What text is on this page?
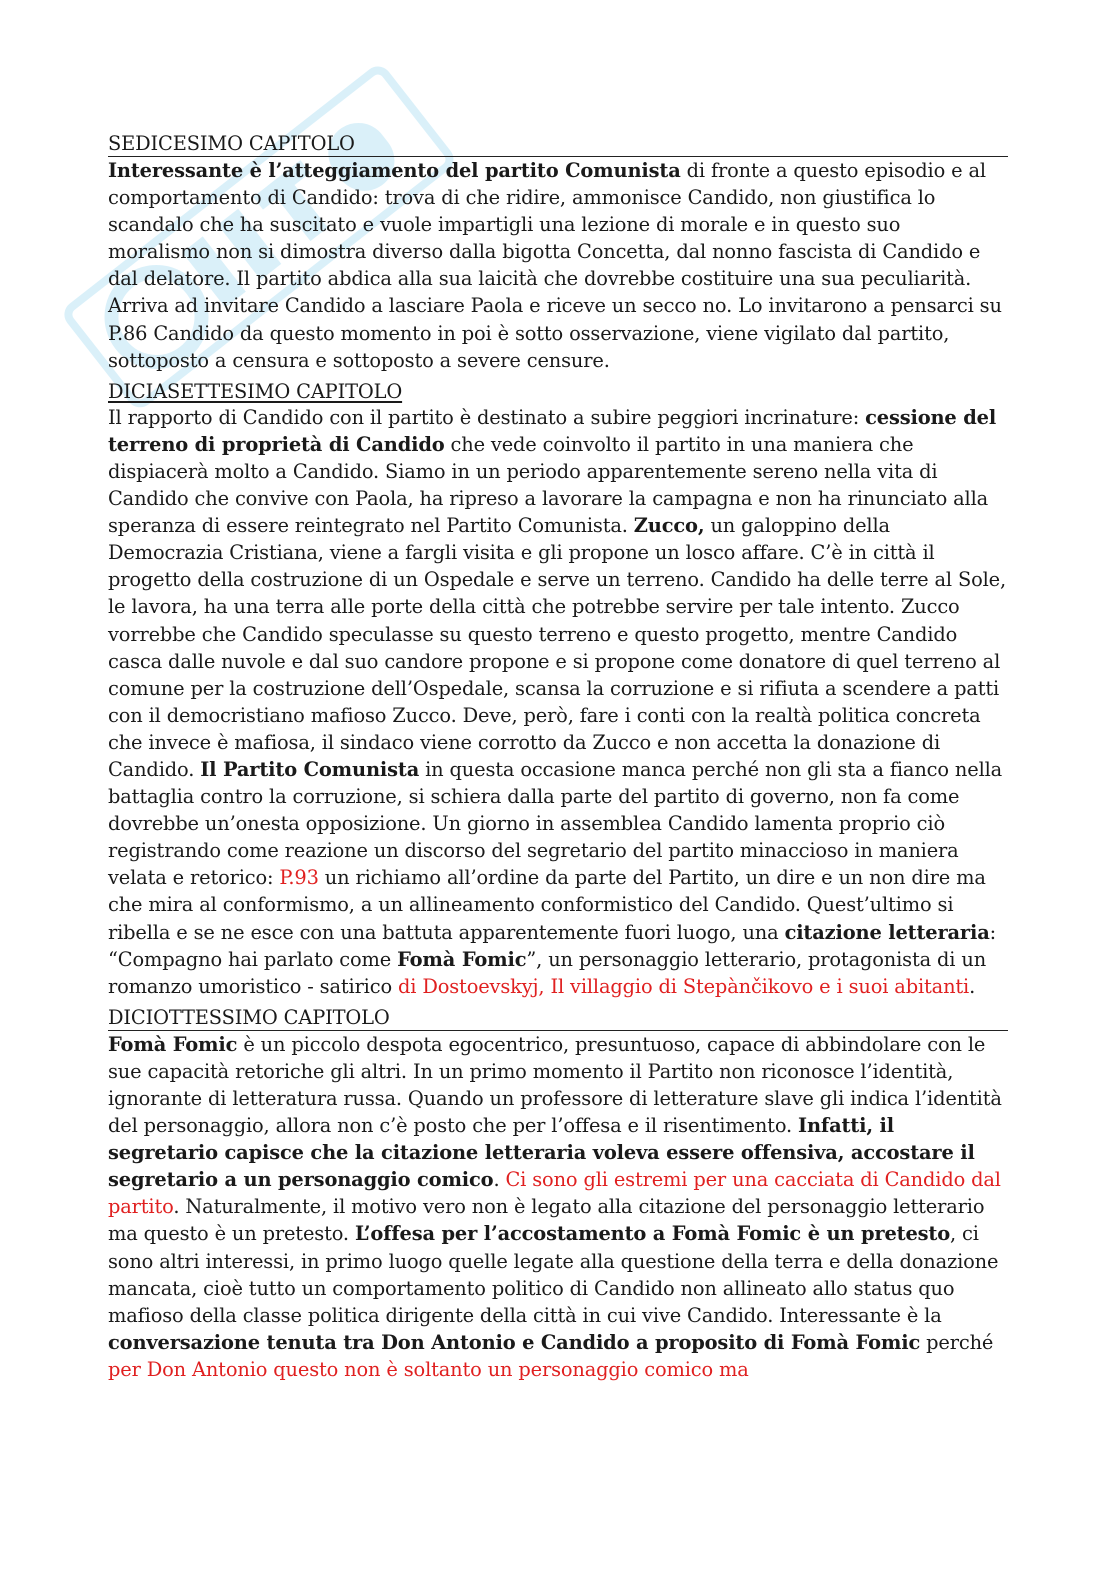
SEDICESIMO CAPITOLO

Interessante è l’atteggiamento del partito Comunista di fronte a questo episodio e al comportamento di Candido: trova di che ridire, ammonisce Candido, non giustifica lo scandalo che ha suscitato e vuole impartigli una lezione di morale e in questo suo moralismo non si dimostra diverso dalla bigotta Concetta, dal nonno fascista di Candido e dal delatore. Il partito abdica alla sua laicità che dovrebbe costituire una sua peculiarità. Arriva ad invitare Candido a lasciare Paola e riceve un secco no. Lo invitarono a pensarci su P.86 Candido da questo momento in poi è sotto osservazione, viene vigilato dal partito, sottoposto a censura e sottoposto a severe censure.

DICIASETTESIMO CAPITOLO

Il rapporto di Candido con il partito è destinato a subire peggiori incrinature: cessione del terreno di proprietà di Candido che vede coinvolto il partito in una maniera che dispiacerà molto a Candido. Siamo in un periodo apparentemente sereno nella vita di Candido che convive con Paola, ha ripreso a lavorare la campagna e non ha rinunciato alla speranza di essere reintegrato nel Partito Comunista. Zucco, un galoppino della Democrazia Cristiana, viene a fargli visita e gli propone un losco affare. C’è in città il progetto della costruzione di un Ospedale e serve un terreno. Candido ha delle terre al Sole, le lavora, ha una terra alle porte della città che potrebbe servire per tale intento. Zucco vorrebbe che Candido speculasse su questo terreno e questo progetto, mentre Candido casca dalle nuvole e dal suo candore propone e si propone come donatore di quel terreno al comune per la costruzione dell’Ospedale, scansa la corruzione e si rifiuta a scendere a patti con il democristiano mafioso Zucco. Deve, però, fare i conti con la realtà politica concreta che invece è mafiosa, il sindaco viene corrotto da Zucco e non accetta la donazione di Candido. Il Partito Comunista in questa occasione manca perché non gli sta a fianco nella battaglia contro la corruzione, si schiera dalla parte del partito di governo, non fa come dovrebbe un’onesta opposizione. Un giorno in assemblea Candido lamenta proprio ciò registrando come reazione un discorso del segretario del partito minaccioso in maniera velata e retorico: P.93 un richiamo all’ordine da parte del Partito, un dire e un non dire ma che mira al conformismo, a un allineamento conformistico del Candido. Quest’ultimo si ribella e se ne esce con una battuta apparentemente fuori luogo, una citazione letteraria: “Compagno hai parlato come Fomà Fomic”, un personaggio letterario, protagonista di un romanzo umoristico - satirico di Dostoevskyj, Il villaggio di Stepànčikovo e i suoi abitanti.

DICIOTTESSIMO CAPITOLO

Fomà Fomic è un piccolo despota egocentrico, presuntuoso, capace di abbindolare con le sue capacità retoriche gli altri. In un primo momento il Partito non riconosce l’identità, ignorante di letteratura russa. Quando un professore di letterature slave gli indica l’identità del personaggio, allora non c’è posto che per l’offesa e il risentimento. Infatti, il segretario capisce che la citazione letteraria voleva essere offensiva, accostare il segretario a un personaggio comico. Ci sono gli estremi per una cacciata di Candido dal partito. Naturalmente, il motivo vero non è legato alla citazione del personaggio letterario ma questo è un pretesto. L’offesa per l’accostamento a Fomà Fomic è un pretesto, ci sono altri interessi, in primo luogo quelle legate alla questione della terra e della donazione mancata, cioè tutto un comportamento politico di Candido non allineato allo status quo mafioso della classe politica dirigente della città in cui vive Candido. Interessante è la conversazione tenuta tra Don Antonio e Candido a proposito di Fomà Fomic perché per Don Antonio questo non è soltanto un personaggio comico ma
